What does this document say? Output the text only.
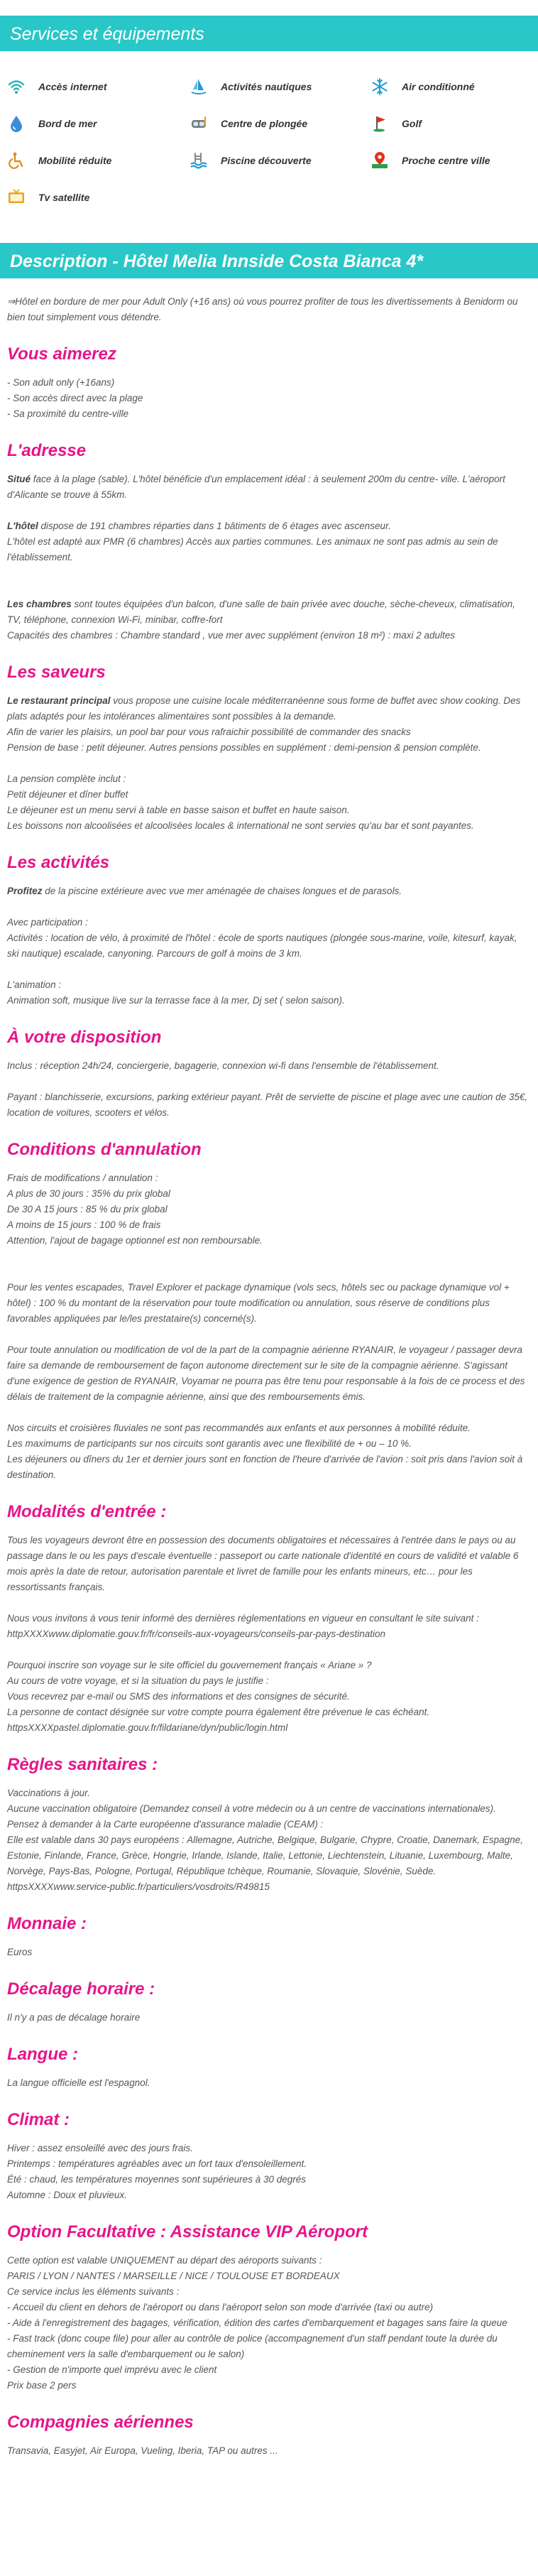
Services et équipements
Accès internet	Activités nautiques	Air conditionné
Bord de mer	Centre de plongée	Golf
Mobilité réduite	Piscine découverte	Proche centre ville
Tv satellite
Description - Hôtel Melia Innside Costa Bianca 4*

⇒Hôtel en bordure de mer pour Adult Only (+16 ans) où vous pourrez profiter de tous les divertissements à Benidorm ou bien tout simplement vous détendre.

Vous aimerez

- Son adult only (+16ans)

- Son accès direct avec la plage

- Sa proximité du centre-ville

L'adresse

Situé face à la plage (sable). L'hôtel bénéficie d'un emplacement idéal : à seulement 200m du centre- ville. L'aéroport d'Alicante se trouve à 55km.

L'hôtel dispose de 191 chambres réparties dans 1 bâtiments de 6 étages avec ascenseur.

L'hôtel est adapté aux PMR (6 chambres) Accès aux parties communes. Les animaux ne sont pas admis au sein de l'établissement.

Les chambres sont toutes équipées d'un balcon, d'une salle de bain privée avec douche, sèche-cheveux, climatisation, TV, téléphone, connexion Wi-Fi, minibar, coffre-fort

Capacités des chambres : Chambre standard , vue mer avec supplément (environ 18 m²) : maxi 2 adultes

Les saveurs

Le restaurant principal vous propose une cuisine locale méditerranéenne sous forme de buffet avec show cooking. Des plats adaptés pour les intolérances alimentaires sont possibles à la demande.

Afin de varier les plaisirs, un pool bar pour vous rafraichir possibilité de commander des snacks

Pension de base : petit déjeuner. Autres pensions possibles en supplément : demi-pension & pension complète.

La pension complète inclut :

Petit déjeuner et dîner buffet

Le déjeuner est un menu servi à table en basse saison et buffet en haute saison.

Les boissons non alcoolisées et alcoolisées locales & international ne sont servies qu'au bar et sont payantes.

Les activités

Profitez de la piscine extérieure avec vue mer aménagée de chaises longues et de parasols.

Avec participation :

Activités : location de vélo, à proximité de l'hôtel : école de sports nautiques (plongée sous-marine, voile, kitesurf, kayak, ski nautique) escalade, canyoning. Parcours de golf à moins de 3 km.

L'animation :

Animation soft, musique live sur la terrasse face à la mer, Dj set ( selon saison).

À votre disposition

Inclus : réception 24h/24, conciergerie, bagagerie, connexion wi-fi dans l'ensemble de l'établissement.

Payant : blanchisserie, excursions, parking extérieur payant. Prêt de serviette de piscine et plage avec une caution de 35€, location de voitures, scooters et vélos.

Conditions d'annulation

Frais de modifications / annulation :

A plus de 30 jours : 35% du prix global

De 30 A 15 jours : 85 % du prix global

A moins de 15 jours : 100 % de frais

Attention, l'ajout de bagage optionnel est non remboursable.

Pour les ventes escapades, Travel Explorer et package dynamique (vols secs, hôtels sec ou package dynamique vol + hôtel) : 100 % du montant de la réservation pour toute modification ou annulation, sous réserve de conditions plus favorables appliquées par le/les prestataire(s) concerné(s).

Pour toute annulation ou modification de vol de la part de la compagnie aérienne RYANAIR, le voyageur / passager devra faire sa demande de remboursement de façon autonome directement sur le site de la compagnie aérienne. S'agissant d'une exigence de gestion de RYANAIR, Voyamar ne pourra pas être tenu pour responsable à la fois de ce process et des délais de traitement de la compagnie aérienne, ainsi que des remboursements émis.

Nos circuits et croisières fluviales ne sont pas recommandés aux enfants et aux personnes à mobilité réduite.

Les maximums de participants sur nos circuits sont garantis avec une flexibilité de + ou – 10 %.

Les déjeuners ou dîners du 1er et dernier jours sont en fonction de l'heure d'arrivée de l'avion : soit pris dans l'avion soit à destination.

Modalités d'entrée :

Tous les voyageurs devront être en possession des documents obligatoires et nécessaires à l'entrée dans le pays ou au passage dans le ou les pays d'escale éventuelle : passeport ou carte nationale d'identité en cours de validité et valable 6 mois après la date de retour, autorisation parentale et livret de famille pour les enfants mineurs, etc… pour les ressortissants français.

Nous vous invitons à vous tenir informé des dernières réglementations en vigueur en consultant le site suivant : httpXXXXwww.diplomatie.gouv.fr/fr/conseils-aux-voyageurs/conseils-par-pays-destination

Pourquoi inscrire son voyage sur le site officiel du gouvernement français « Ariane » ?

Au cours de votre voyage, et si la situation du pays le justifie :

Vous recevrez par e-mail ou SMS des informations et des consignes de sécurité.

La personne de contact désignée sur votre compte pourra également être prévenue le cas échéant.

httpsXXXXpastel.diplomatie.gouv.fr/fildariane/dyn/public/login.html

Règles sanitaires :

Vaccinations à jour.

Aucune vaccination obligatoire (Demandez conseil à votre médecin ou à un centre de vaccinations internationales).

Pensez à demander à la Carte européenne d'assurance maladie (CEAM) :

Elle est valable dans 30 pays européens : Allemagne, Autriche, Belgique, Bulgarie, Chypre, Croatie, Danemark, Espagne, Estonie, Finlande, France, Grèce, Hongrie, Irlande, Islande, Italie, Lettonie, Liechtenstein, Lituanie, Luxembourg, Malte, Norvège, Pays-Bas, Pologne, Portugal, République tchèque, Roumanie, Slovaquie, Slovénie, Suède.

httpsXXXXwww.service-public.fr/particuliers/vosdroits/R49815

Monnaie :

Euros

Décalage horaire :

Il n'y a pas de décalage horaire

Langue :

La langue officielle est l'espagnol.

Climat :

Hiver : assez ensoleillé avec des jours frais.

Printemps : températures agréables avec un fort taux d'ensoleillement.

Été : chaud, les températures moyennes sont supérieures à 30 degrés

Automne : Doux et pluvieux.

Option Facultative : Assistance VIP Aéroport

Cette option est valable UNIQUEMENT au départ des aéroports suivants :

PARIS / LYON / NANTES / MARSEILLE / NICE / TOULOUSE ET BORDEAUX

Ce service inclus les éléments suivants :

- Accueil du client en dehors de l'aéroport ou dans l'aéroport selon son mode d'arrivée (taxi ou autre)

- Aide à l'enregistrement des bagages, vérification, édition des cartes d'embarquement et bagages sans faire la queue

- Fast track (donc coupe file) pour aller au contrôle de police (accompagnement d'un staff pendant toute la durée du cheminement vers la salle d'embarquement ou le salon)

- Gestion de n'importe quel imprévu avec le client

Prix base 2 pers

Compagnies aériennes

Transavia, Easyjet, Air Europa, Vueling, Iberia, TAP ou autres ...
